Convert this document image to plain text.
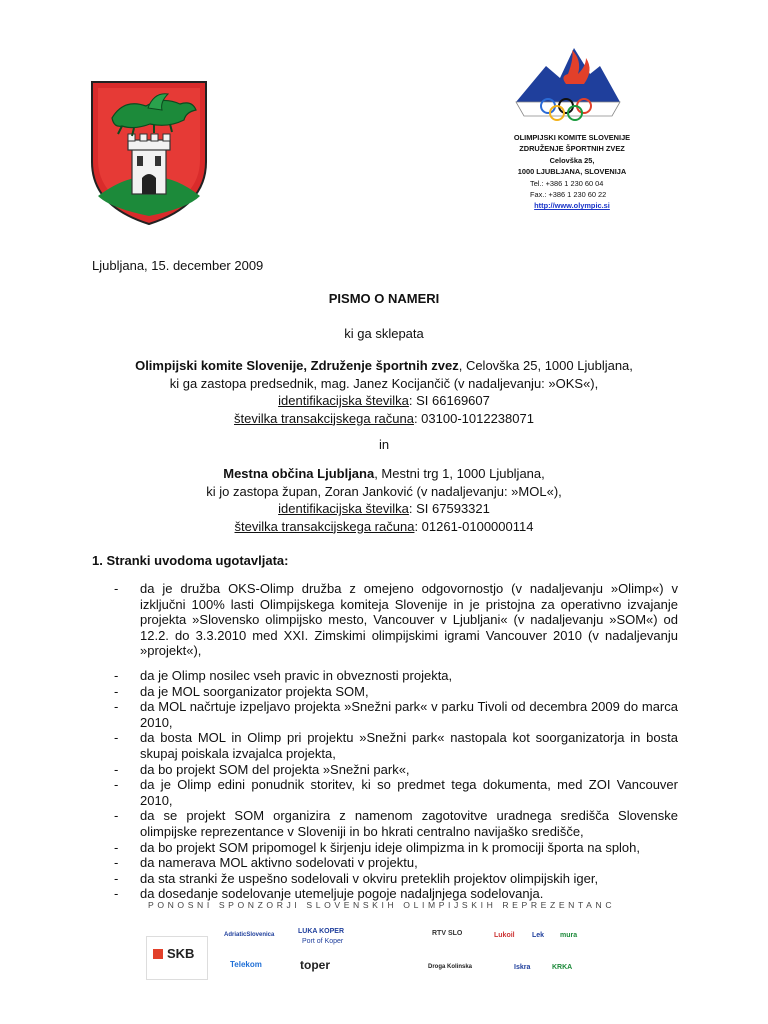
OLIMPIJSKI KOMITE SLOVENIJE
ZDRUŽENJE ŠPORTNIH ZVEZ
Celovška 25,
1000 LJUBLJANA, SLOVENIJA
Tel.: +386 1 230 60 04
Fax.: +386 1 230 60 22
http://www.olympic.si
Ljubljana, 15. december 2009
PISMO O NAMERI
ki ga sklepata
Olimpijski komite Slovenije, Združenje športnih zvez, Celovška 25, 1000 Ljubljana,
ki ga zastopa predsednik, mag. Janez Kocijančič (v nadaljevanju: »OKS«),
identifikacijska številka: SI 66169607
številka transakcijskega računa: 03100-1012238071
in
Mestna občina Ljubljana, Mestni trg 1, 1000 Ljubljana,
ki jo zastopa župan, Zoran Janković (v nadaljevanju: »MOL«),
identifikacijska številka: SI 67593321
številka transakcijskega računa: 01261-0100000114
1. Stranki uvodoma ugotavljata:
- da je družba OKS-Olimp družba z omejeno odgovornostjo (v nadaljevanju »Olimp«) v izključni 100% lasti Olimpijskega komiteja Slovenije in je pristojna za operativno izvajanje projekta »Slovensko olimpijsko mesto, Vancouver v Ljubljani« (v nadaljevanju »SOM«) od 12.2. do 3.3.2010 med XXI. Zimskimi olimpijskimi igrami Vancouver 2010 (v nadaljevanju »projekt«),
- da je Olimp nosilec vseh pravic in obveznosti projekta,
- da je MOL soorganizator projekta SOM,
- da MOL načrtuje izpeljavo projekta »Snežni park« v parku Tivoli od decembra 2009 do marca 2010,
- da bosta MOL in Olimp pri projektu »Snežni park« nastopala kot soorganizatorja in bosta skupaj poiskala izvajalca projekta,
- da bo projekt SOM del projekta »Snežni park«,
- da je Olimp edini ponudnik storitev, ki so predmet tega dokumenta, med ZOI Vancouver 2010,
- da se projekt SOM organizira z namenom zagotovitve uradnega središča Slovenske olimpijske reprezentance v Sloveniji in bo hkrati centralno navijaško središče,
- da bo projekt SOM pripomogel k širjenju ideje olimpizma in k promociji športa na sploh,
- da namerava MOL aktivno sodelovati v projektu,
- da sta stranki že uspešno sodelovali v okviru preteklih projektov olimpijskih iger,
- da dosedanje sodelovanje utemeljuje pogoje nadaljnjega sodelovanja.
PONOSNI SPONZORJI SLOVENSKIH OLIMPIJSKIH REPREZENTANC
SKB
AdriaticSlovenica	LUKA KOPER
Port of Koper
Telekom	toper
RTV SLO	mura
Lukoil Lek
Droga Kolinska	Iskra	KRKA
